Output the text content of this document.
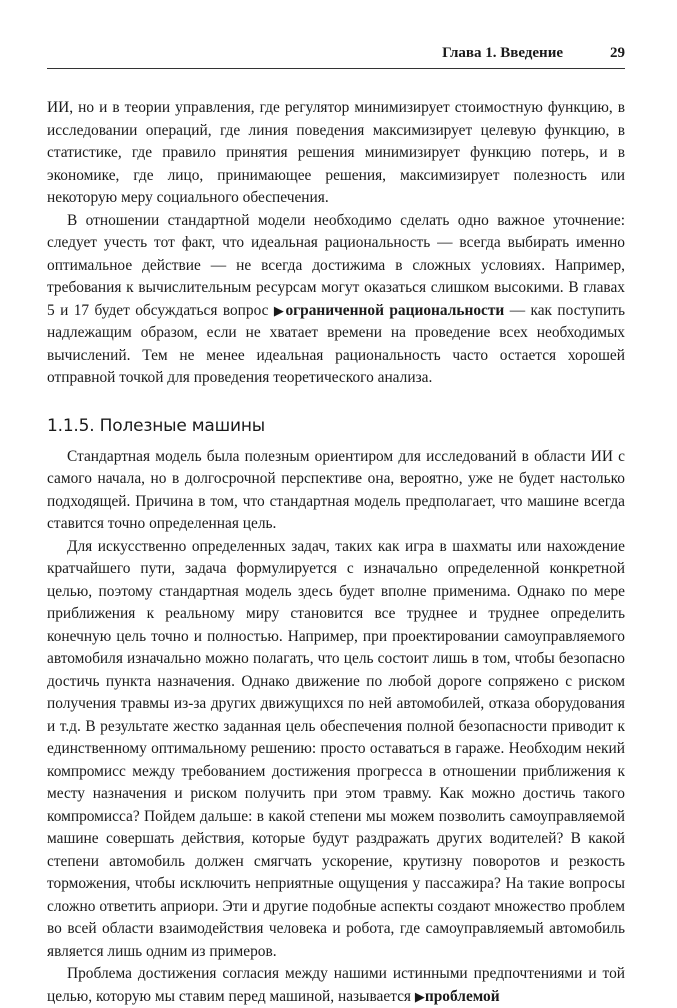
Глава 1. Введение	29

ИИ, но и в теории управления, где регулятор минимизирует стоимостную функцию, в исследовании операций, где линия поведения максимизирует целевую функцию, в статистике, где правило принятия решения минимизирует функцию потерь, и в экономике, где лицо, принимающее решения, максимизирует полезность или некоторую меру социального обеспечения.

В отношении стандартной модели необходимо сделать одно важное уточнение: следует учесть тот факт, что идеальная рациональность — всегда выбирать именно оптимальное действие — не всегда достижима в сложных условиях. Например, требования к вычислительным ресурсам могут оказаться слишком высокими. В главах 5 и 17 будет обсуждаться вопрос ▶ограниченной рациональности — как поступить надлежащим образом, если не хватает времени на проведение всех необходимых вычислений. Тем не менее идеальная рациональность часто остается хорошей отправной точкой для проведения теоретического анализа.

1.1.5. Полезные машины

Стандартная модель была полезным ориентиром для исследований в области ИИ с самого начала, но в долгосрочной перспективе она, вероятно, уже не будет настолько подходящей. Причина в том, что стандартная модель предполагает, что машине всегда ставится точно определенная цель.

Для искусственно определенных задач, таких как игра в шахматы или нахождение кратчайшего пути, задача формулируется с изначально определенной конкретной целью, поэтому стандартная модель здесь будет вполне применима. Однако по мере приближения к реальному миру становится все труднее и труднее определить конечную цель точно и полностью. Например, при проектировании самоуправляемого автомобиля изначально можно полагать, что цель состоит лишь в том, чтобы безопасно достичь пункта назначения. Однако движение по любой дороге сопряжено с риском получения травмы из-за других движущихся по ней автомобилей, отказа оборудования и т.д. В результате жестко заданная цель обеспечения полной безопасности приводит к единственному оптимальному решению: просто оставаться в гараже. Необходим некий компромисс между требованием достижения прогресса в отношении приближения к месту назначения и риском получить при этом травму. Как можно достичь такого компромисса? Пойдем дальше: в какой степени мы можем позволить самоуправляемой машине совершать действия, которые будут раздражать других водителей? В какой степени автомобиль должен смягчать ускорение, крутизну поворотов и резкость торможения, чтобы исключить неприятные ощущения у пассажира? На такие вопросы сложно ответить априори. Эти и другие подобные аспекты создают множество проблем во всей области взаимодействия человека и робота, где самоуправляемый автомобиль является лишь одним из примеров.

Проблема достижения согласия между нашими истинными предпочтениями и той целью, которую мы ставим перед машиной, называется ▶проблемой
